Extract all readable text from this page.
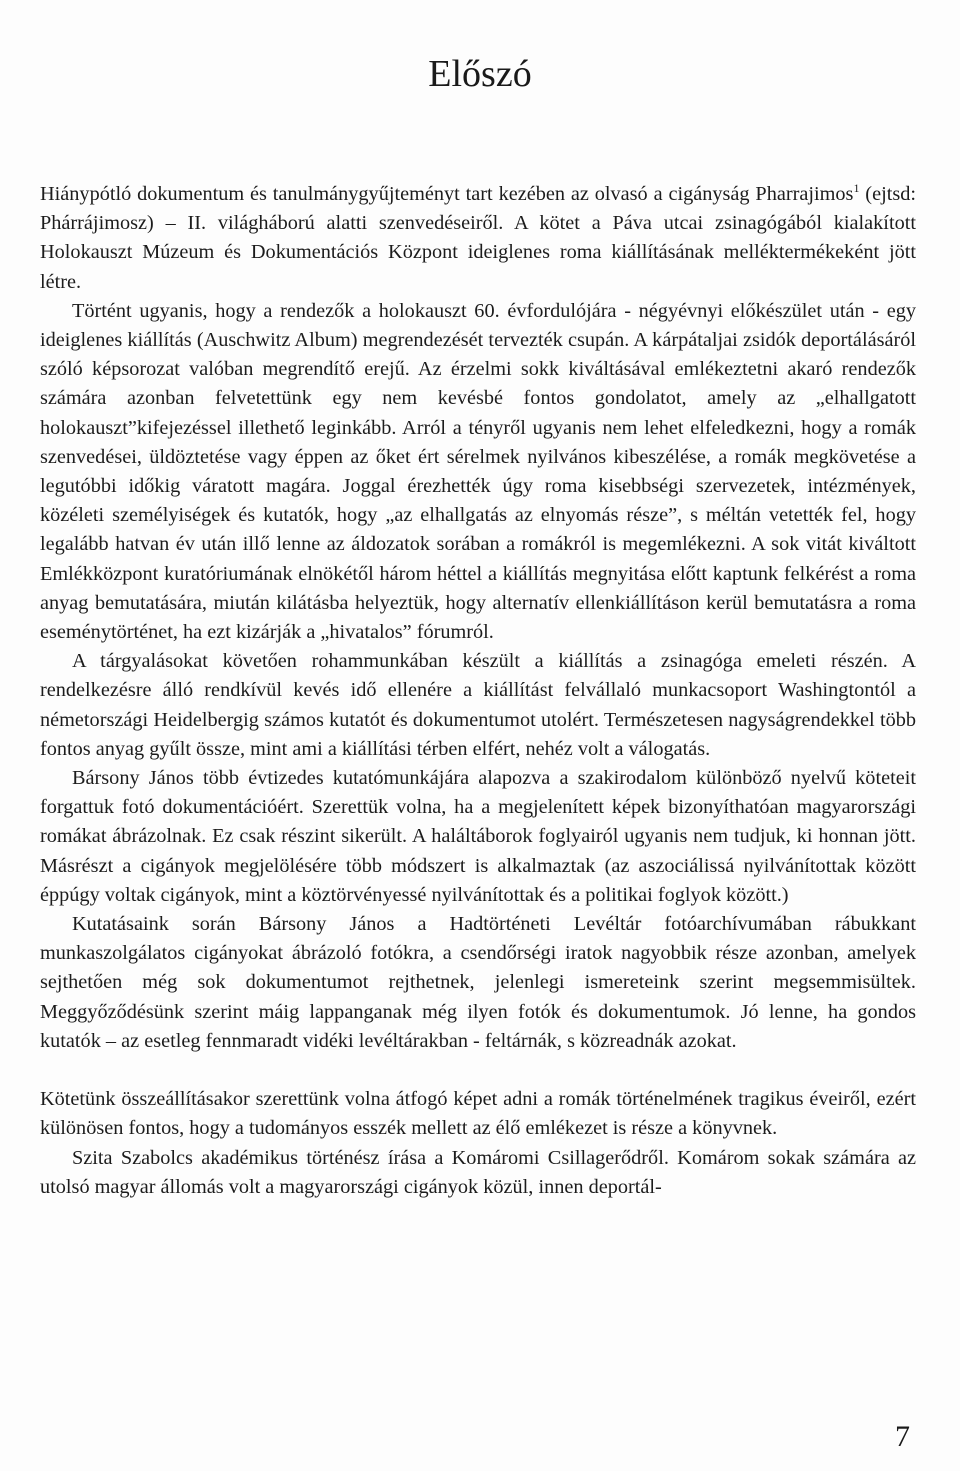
Előszó

Hiánypótló dokumentum és tanulmánygyűjteményt tart kezében az olvasó a cigányság Pharrajimos$^1$ (ejtsd: Phárrájimosz) – II. világháború alatti szenvedéseiről. A kötet a Páva utcai zsinagógából kialakított Holokauszt Múzeum és Dokumentációs Központ ideiglenes roma kiállításának melléktermékeként jött létre.

Történt ugyanis, hogy a rendezők a holokauszt 60. évfordulójára - négyévnyi előkészület után - egy ideiglenes kiállítás (Auschwitz Album) megrendezését tervezték csupán. A kárpátaljai zsidók deportálásáról szóló képsorozat valóban megrendítő erejű. Az érzelmi sokk kiváltásával emlékeztetni akaró rendezők számára azonban felvetettünk egy nem kevésbé fontos gondolatot, amely az „elhallgatott holokauszt”kifejezéssel illethető leginkább. Arról a tényről ugyanis nem lehet elfeledkezni, hogy a romák szenvedései, üldöztetése vagy éppen az őket ért sérelmek nyilvános kibeszélése, a romák megkövetése a legutóbbi időkig váratott magára. Joggal érezhették úgy roma kisebbségi szervezetek, intézmények, közéleti személyiségek és kutatók, hogy „az elhallgatás az elnyomás része”, s méltán vetették fel, hogy legalább hatvan év után illő lenne az áldozatok sorában a romákról is megemlékezni. A sok vitát kiváltott Emlékközpont kuratóriumának elnökétől három héttel a kiállítás megnyitása előtt kaptunk felkérést a roma anyag bemutatására, miután kilátásba helyeztük, hogy alternatív ellenkiállításon kerül bemutatásra a roma eseménytörténet, ha ezt kizárják a „hivatalos” fórumról.

A tárgyalásokat követően rohammunkában készült a kiállítás a zsinagóga emeleti részén. A rendelkezésre álló rendkívül kevés idő ellenére a kiállítást felvállaló munkacsoport Washingtontól a németországi Heidelbergig számos kutatót és dokumentumot utolért. Természetesen nagyságrendekkel több fontos anyag gyűlt össze, mint ami a kiállítási térben elfért, nehéz volt a válogatás.

Bársony János több évtizedes kutatómunkájára alapozva a szakirodalom különböző nyelvű köteteit forgattuk fotó dokumentációért. Szerettük volna, ha a megjelenített képek bizonyíthatóan magyarországi romákat ábrázolnak. Ez csak részint sikerült. A haláltáborok foglyairól ugyanis nem tudjuk, ki honnan jött. Másrészt a cigányok megjelölésére több módszert is alkalmaztak (az aszociálissá nyilvánítottak között éppúgy voltak cigányok, mint a köztörvényessé nyilvánítottak és a politikai foglyok között.)

Kutatásaink során Bársony János a Hadtörténeti Levéltár fotóarchívumában rábukkant munkaszolgálatos cigányokat ábrázoló fotókra, a csendőrségi iratok nagyobbik része azonban, amelyek sejthetően még sok dokumentumot rejthetnek, jelenlegi ismereteink szerint megsemmisültek. Meggyőződésünk szerint máig lappanganak még ilyen fotók és dokumentumok. Jó lenne, ha gondos kutatók – az esetleg fennmaradt vidéki levéltárakban - feltárnák, s közreadnák azokat.

Kötetünk összeállításakor szerettünk volna átfogó képet adni a romák történelmének tragikus éveiről, ezért különösen fontos, hogy a tudományos esszék mellett az élő emlékezet is része a könyvnek.

Szita Szabolcs akadémikus történész írása a Komáromi Csillagerődről. Komárom sokak számára az utolsó magyar állomás volt a magyarországi cigányok közül, innen deportál-

7
